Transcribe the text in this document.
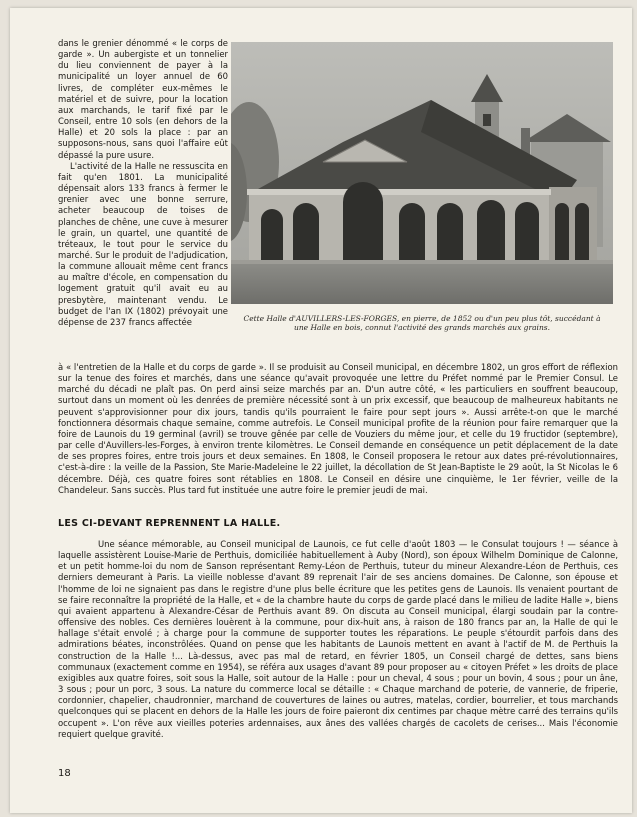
dans le grenier dénommé « le corps de garde ». Un aubergiste et un tonnelier du lieu conviennent de payer à la municipalité un loyer annuel de 60 livres, de compléter eux-mêmes le matériel et de suivre, pour la location aux marchands, le tarif fixé par le Conseil, entre 10 sols (en dehors de la Halle) et 20 sols la place : par an supposons-nous, sans quoi l'affaire eût dépassé la pure usure.

L'activité de la Halle ne ressuscita en fait qu'en 1801. La municipalité dépensait alors 133 francs à fermer le grenier avec une bonne serrure, acheter beaucoup de toises de planches de chêne, une cuve à mesurer le grain, un quartel, une quantité de tréteaux, le tout pour le service du marché. Sur le produit de l'adjudication, la commune allouait même cent francs au maître d'école, en compensation du logement gratuit qu'il avait eu au presbytère, maintenant vendu. Le budget de l'an IX (1802) prévoyait une dépense de 237 francs affectée	Cette Halle d'AUVILLERS-LES-FORGES, en pierre, de 1852 ou d'un peu plus tôt, succédant à une Halle en bois, connut l'activité des grands marchés aux grains.

à « l'entretien de la Halle et du corps de garde ». Il se produisit au Conseil municipal, en décembre 1802, un gros effort de réflexion sur la tenue des foires et marchés, dans une séance qu'avait provoquée une lettre du Préfet nommé par le Premier Consul. Le marché du décadi ne plaît pas. On perd ainsi seize marchés par an. D'un autre côté, « les particuliers en souffrent beaucoup, surtout dans un moment où les denrées de première nécessité sont à un prix excessif, que beaucoup de malheureux habitants ne peuvent s'approvisionner pour dix jours, tandis qu'ils pourraient le faire pour sept jours ». Aussi arrête-t-on que le marché fonctionnera désormais chaque semaine, comme autrefois. Le Conseil municipal profite de la réunion pour faire remarquer que la foire de Launois du 19 germinal (avril) se trouve gênée par celle de Vouziers du même jour, et celle du 19 fructidor (septembre), par celle d'Auvillers-les-Forges, à environ trente kilomètres. Le Conseil demande en conséquence un petit déplacement de la date de ses propres foires, entre trois jours et deux semaines. En 1808, le Conseil proposera le retour aux dates pré-révolutionnaires, c'est-à-dire : la veille de la Passion, Ste Marie-Madeleine le 22 juillet, la décollation de St Jean-Baptiste le 29 août, la St Nicolas le 6 décembre. Déjà, ces quatre foires sont rétablies en 1808. Le Conseil en désire une cinquième, le 1er février, veille de la Chandeleur. Sans succès. Plus tard fut instituée une autre foire le premier jeudi de mai.

LES CI-DEVANT REPRENNENT LA HALLE.

Une séance mémorable, au Conseil municipal de Launois, ce fut celle d'août 1803 — le Consulat toujours ! — séance à laquelle assistèrent Louise-Marie de Perthuis, domiciliée habituellement à Auby (Nord), son époux Wilhelm Dominique de Calonne, et un petit homme-loi du nom de Sanson représentant Remy-Léon de Perthuis, tuteur du mineur Alexandre-Léon de Perthuis, ces derniers demeurant à Paris. La vieille noblesse d'avant 89 reprenait l'air de ses anciens domaines. De Calonne, son épouse et l'homme de loi ne signaient pas dans le registre d'une plus belle écriture que les petites gens de Launois. Ils venaient pourtant de se faire reconnaître la propriété de la Halle, et « de la chambre haute du corps de garde placé dans le milieu de ladite Halle », biens qui avaient appartenu à Alexandre-César de Perthuis avant 89. On discuta au Conseil municipal, élargi soudain par la contre-offensive des nobles. Ces dernières louèrent à la commune, pour dix-huit ans, à raison de 180 francs par an, la Halle de qui le hallage s'était envolé ; à charge pour la commune de supporter toutes les réparations. Le peuple s'étourdit parfois dans des admirations béates, inconstrôlées. Quand on pense que les habitants de Launois mettent en avant à l'actif de M. de Perthuis la construction de la Halle !... Là-dessus, avec pas mal de retard, en février 1805, un Conseil chargé de dettes, sans biens communaux (exactement comme en 1954), se référa aux usages d'avant 89 pour proposer au « citoyen Préfet » les droits de place exigibles aux quatre foires, soit sous la Halle, soit autour de la Halle : pour un cheval, 4 sous ; pour un bovin, 4 sous ; pour un âne, 3 sous ; pour un porc, 3 sous. La nature du commerce local se détaille : « Chaque marchand de poterie, de vannerie, de friperie, cordonnier, chapelier, chaudronnier, marchand de couvertures de laines ou autres, matelas, cordier, bourrelier, et tous marchands quelconques qui se placent en dehors de la Halle les jours de foire paieront dix centimes par chaque mètre carré des terrains qu'ils occupent ». L'on rêve aux vieilles poteries ardennaises, aux ânes des vallées chargés de cacolets de cerises... Mais l'économie requiert quelque gravité.

18
